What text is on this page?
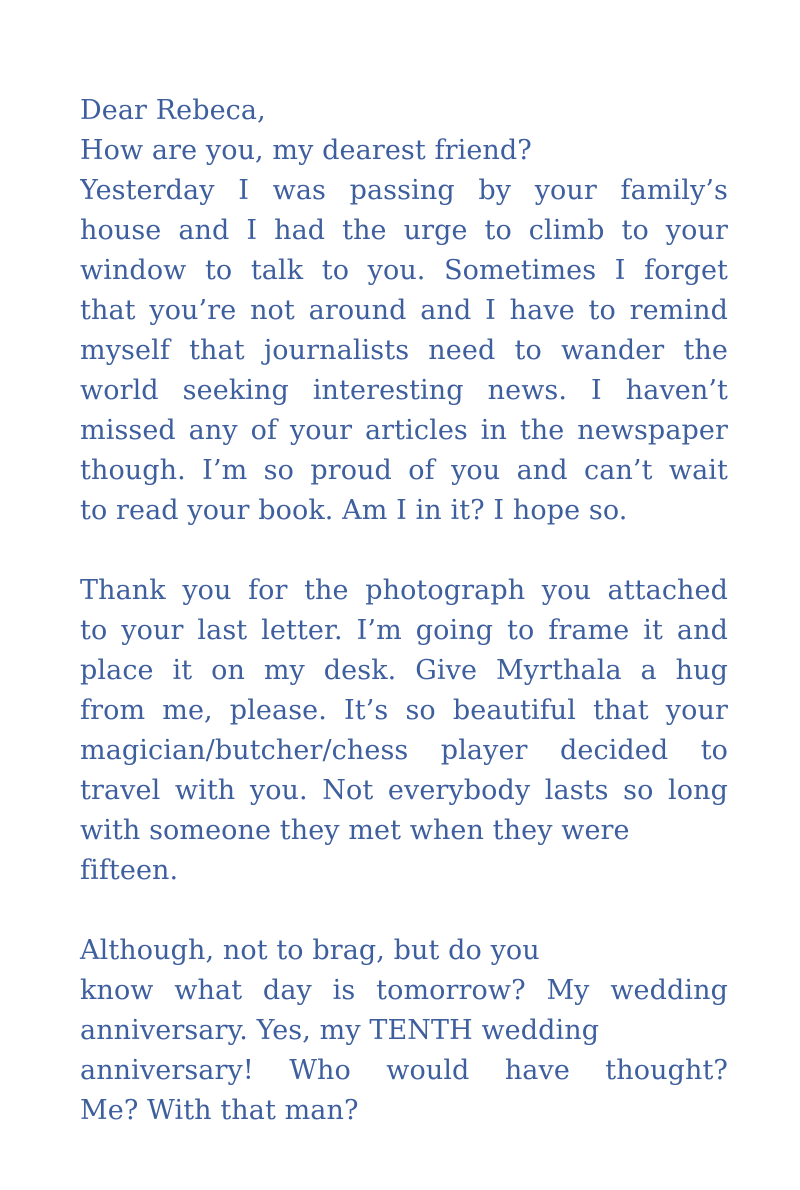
Dear Rebeca,
How are you, my dearest friend?
Yesterday I was passing by your family’s
house and I had the urge to climb to your
window to talk to you. Sometimes I forget
that you’re not around and I have to remind
myself that journalists need to wander the
world seeking interesting news. I haven’t
missed any of your articles in the newspaper
though. I’m so proud of you and can’t wait
to read your book. Am I in it? I hope so.
Thank you for the photograph you attached
to your last letter. I’m going to frame it and
place it on my desk. Give Myrthala a hug
from me, please. It’s so beautiful that your
magician/butcher/chess player decided to
travel with you. Not everybody lasts so long
with someone they met when they were
fifteen.
Although, not to brag, but do you
know what day is tomorrow? My wedding
anniversary. Yes, my TENTH wedding
anniversary! Who would have thought?
Me? With that man?
